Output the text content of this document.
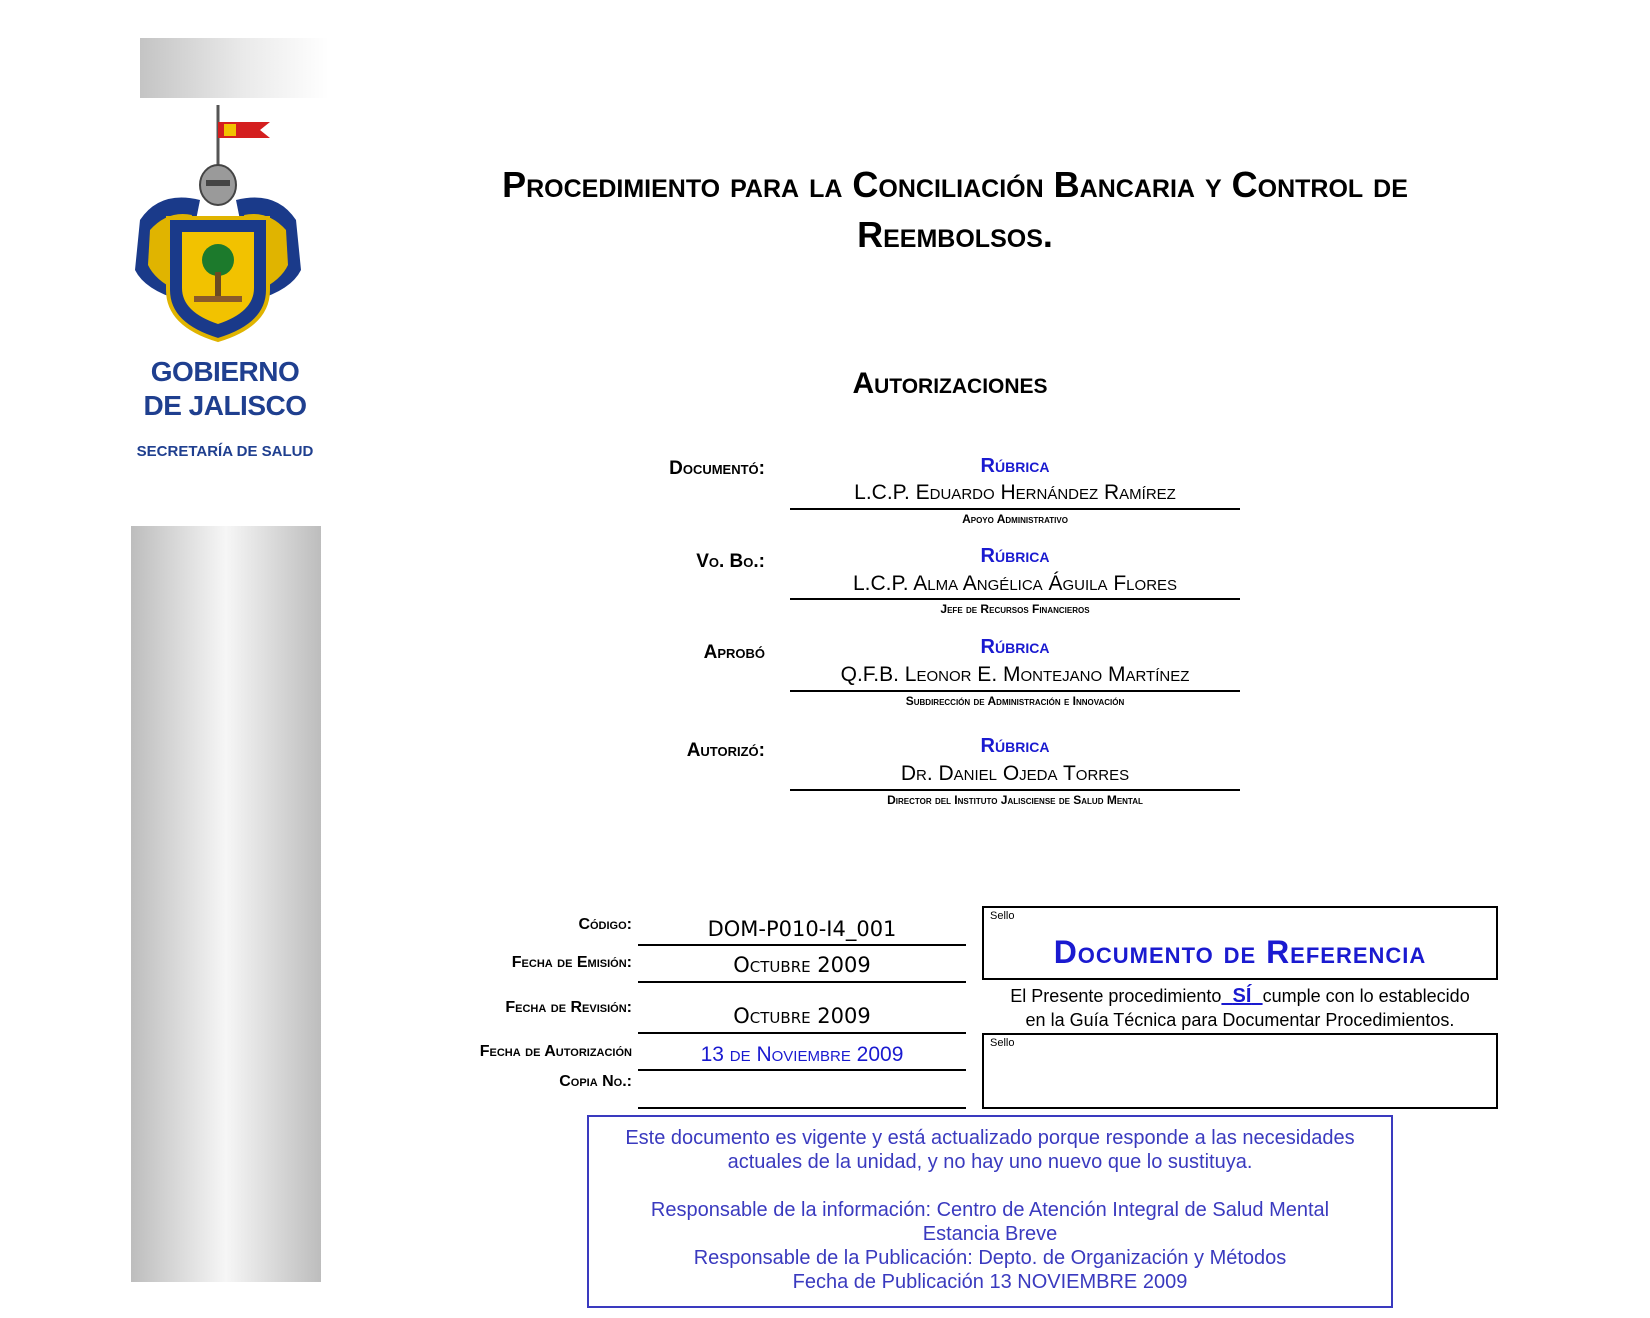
GOBIERNO
DE JALISCO
SECRETARÍA DE SALUD
Procedimiento para la Conciliación Bancaria y Control de
Reembolsos.
Autorizaciones
Documentó:	Rúbrica
L.C.P. Eduardo Hernández Ramírez
Apoyo Administrativo
Vo. Bo.:	Rúbrica
L.C.P. Alma Angélica Águila Flores
Jefe de Recursos Financieros
Aprobó	Rúbrica
Q.F.B. Leonor E. Montejano Martínez
Subdirección de Administración e Innovación
Autorizó:	Rúbrica
Dr. Daniel Ojeda Torres
Director del Instituto Jalisciense de Salud Mental
Código:	DOM-P010-I4_001
Fecha de Emisión:	Octubre 2009
Fecha de Revisión:	Octubre 2009
Fecha de Autorización	13 de Noviembre 2009
Copia No.:
Sello
Documento de Referencia
El Presente procedimiento SÍ cumple con lo establecido
en la Guía Técnica para Documentar Procedimientos.
Sello
Este documento es vigente y está actualizado porque responde a las necesidades
actuales de la unidad, y no hay uno nuevo que lo sustituya.
Responsable de la información: Centro de Atención Integral de Salud Mental
Estancia Breve
Responsable de la Publicación: Depto. de Organización y Métodos
Fecha de Publicación 13 NOVIEMBRE 2009
